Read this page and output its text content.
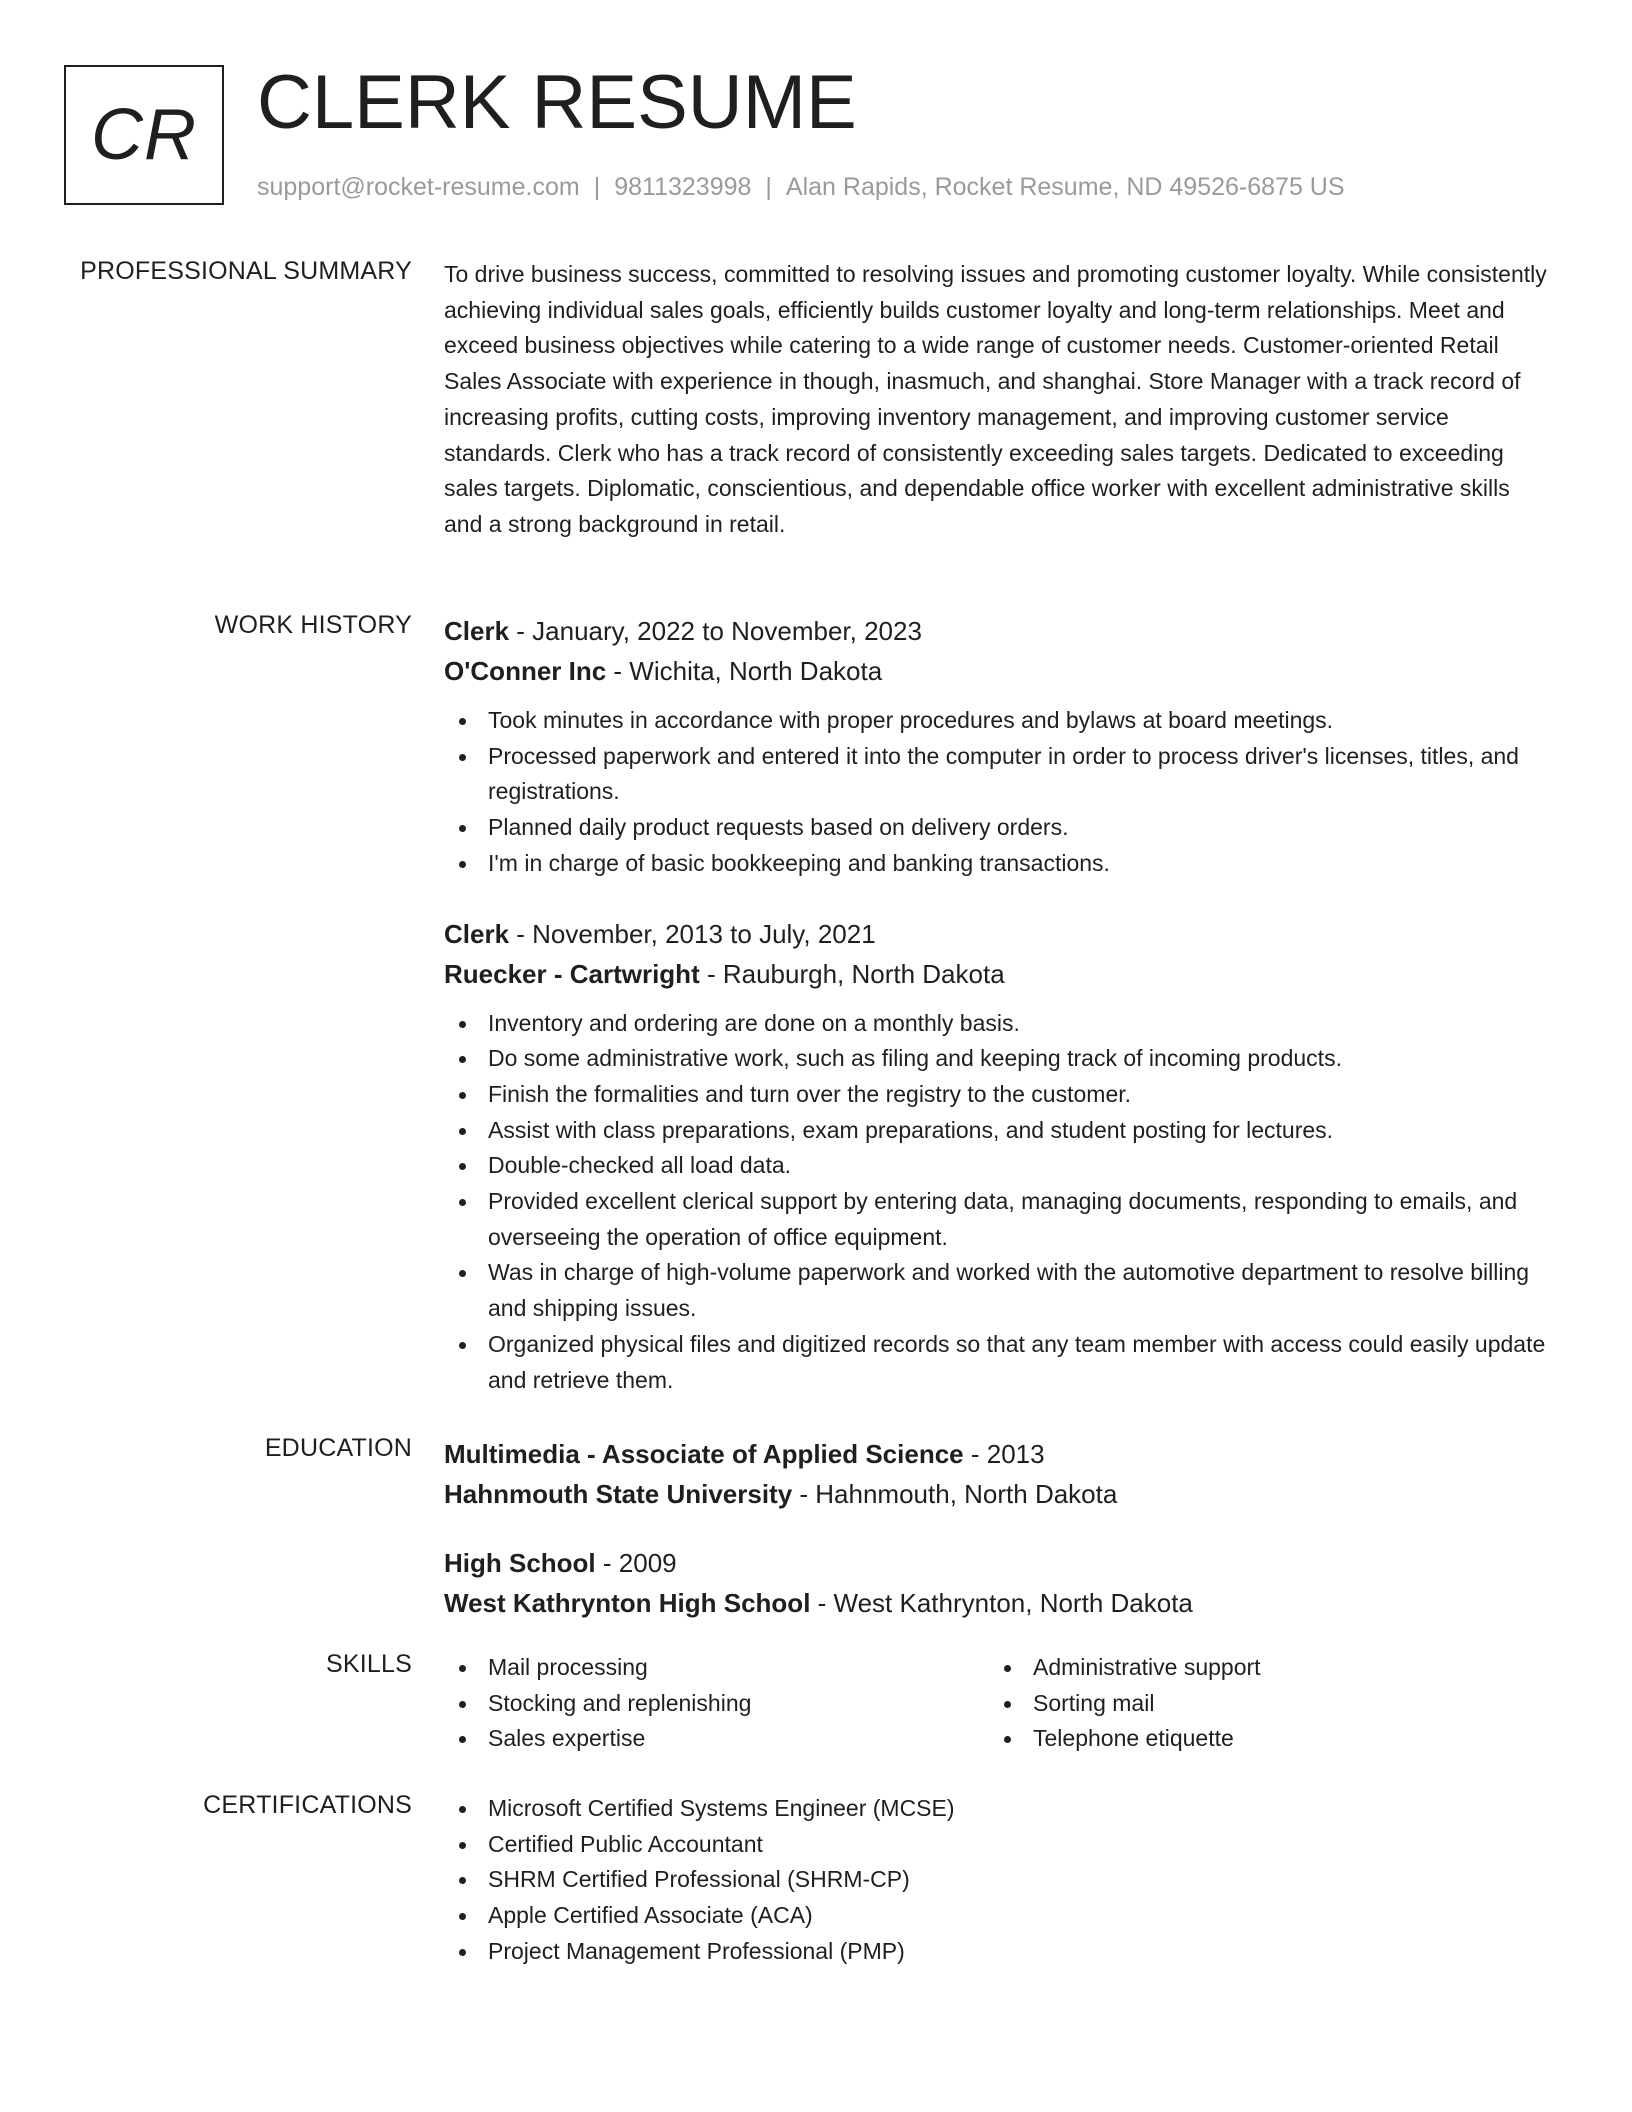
CR CLERK RESUME
support@rocket-resume.com | 9811323998 | Alan Rapids, Rocket Resume, ND 49526-6875 US
PROFESSIONAL SUMMARY To drive business success, committed to resolving issues and promoting customer loyalty. While consistently achieving individual sales goals, efficiently builds customer loyalty and long-term relationships. Meet and exceed business objectives while catering to a wide range of customer needs. Customer-oriented Retail Sales Associate with experience in though, inasmuch, and shanghai. Store Manager with a track record of increasing profits, cutting costs, improving inventory management, and improving customer service standards. Clerk who has a track record of consistently exceeding sales targets. Dedicated to exceeding sales targets. Diplomatic, conscientious, and dependable office worker with excellent administrative skills and a strong background in retail.

WORK HISTORY Clerk - January, 2022 to November, 2023
O'Conner Inc - Wichita, North Dakota
Took minutes in accordance with proper procedures and bylaws at board meetings.
Processed paperwork and entered it into the computer in order to process driver's licenses, titles, and registrations.
Planned daily product requests based on delivery orders.
I'm in charge of basic bookkeeping and banking transactions.
Clerk - November, 2013 to July, 2021
Ruecker - Cartwright - Rauburgh, North Dakota
Inventory and ordering are done on a monthly basis.
Do some administrative work, such as filing and keeping track of incoming products.
Finish the formalities and turn over the registry to the customer.
Assist with class preparations, exam preparations, and student posting for lectures.
Double-checked all load data.
Provided excellent clerical support by entering data, managing documents, responding to emails, and overseeing the operation of office equipment.
Was in charge of high-volume paperwork and worked with the automotive department to resolve billing and shipping issues.
Organized physical files and digitized records so that any team member with access could easily update and retrieve them.
EDUCATION Multimedia - Associate of Applied Science - 2013
Hahnmouth State University - Hahnmouth, North Dakota
High School - 2009
West Kathrynton High School - West Kathrynton, North Dakota
SKILLS	Mail processing
Stocking and replenishing
Sales expertise
Administrative support
Sorting mail
Telephone etiquette
CERTIFICATIONS	Microsoft Certified Systems Engineer (MCSE)
Certified Public Accountant
SHRM Certified Professional (SHRM-CP)
Apple Certified Associate (ACA)
Project Management Professional (PMP)
